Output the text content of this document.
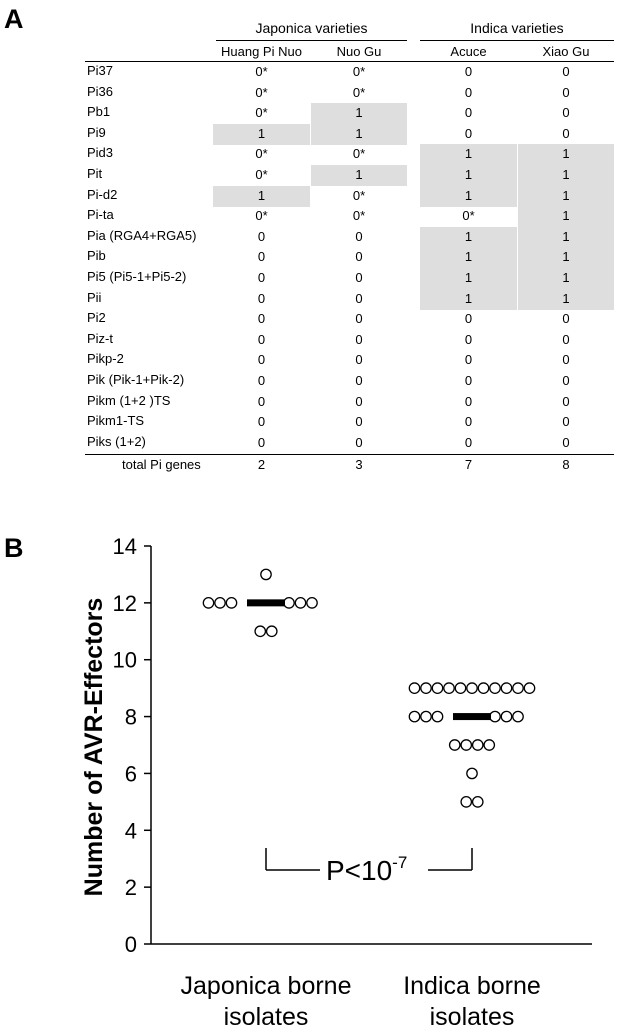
A
B
Japonica varieties	Indica varieties
Huang Pi Nuo	Nuo Gu	Acuce	Xiao Gu
Pi37	0*	0*	0	0
Pi36	0*	0*	0	0
Pb1	0*	1	0	0
Pi9	1	1	0	0
Pid3	0*	0*	1	1
Pit	0*	1	1	1
Pi-d2	1	0*	1	1
Pi-ta	0*	0*	0*	1
Pia (RGA4+RGA5)	0	0	1	1
Pib	0	0	1	1
Pi5 (Pi5-1+Pi5-2)	0	0	1	1
Pii	0	0	1	1
Pi2	0	0	0	0
Piz-t	0	0	0	0
Pikp-2	0	0	0	0
Pik (Pik-1+Pik-2)	0	0	0	0
Pikm (1+2 )TS	0	0	0	0
Pikm1-TS	0	0	0	0
Piks (1+2)	0	0	0	0
total Pi genes	2	3	7	8
0
2
4
6
8
10
12
14
Number of AVR-Effectors
Japonica borne
isolates
Indica borne
isolates
$P<10^{-7}$
